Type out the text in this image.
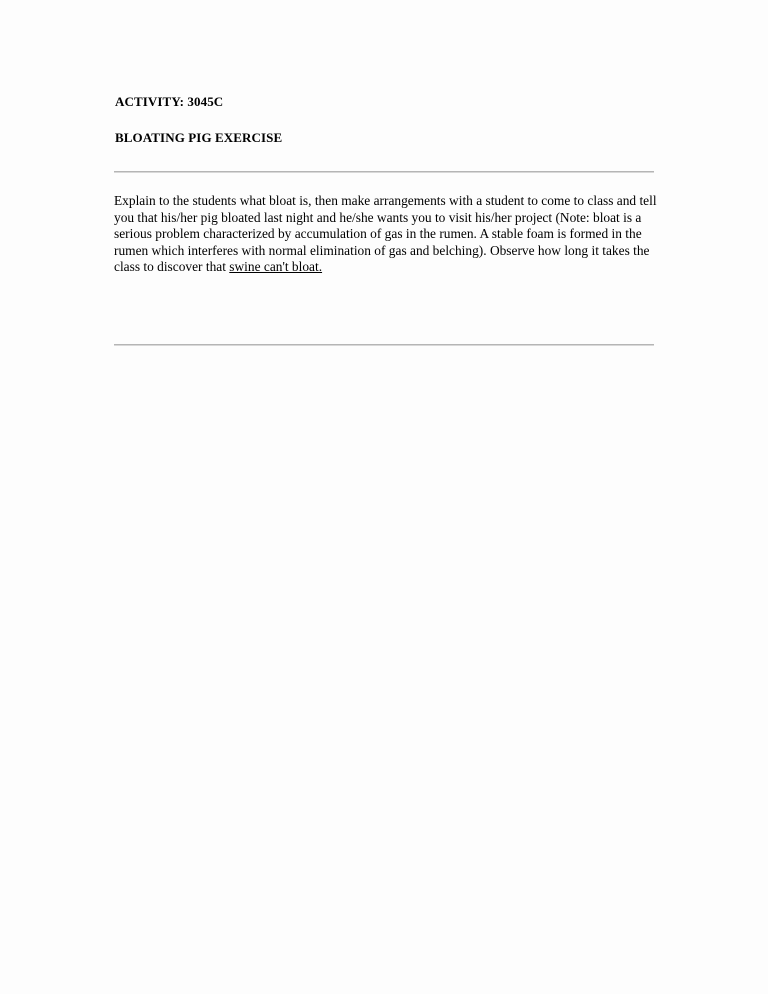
ACTIVITY: 3045C

BLOATING PIG EXERCISE

Explain to the students what bloat is, then make arrangements with a student to come to class and tell you that his/her pig bloated last night and he/she wants you to visit his/her project (Note: bloat is a serious problem characterized by accumulation of gas in the rumen. A stable foam is formed in the rumen which interferes with normal elimination of gas and belching). Observe how long it takes the class to discover that swine can't bloat.
